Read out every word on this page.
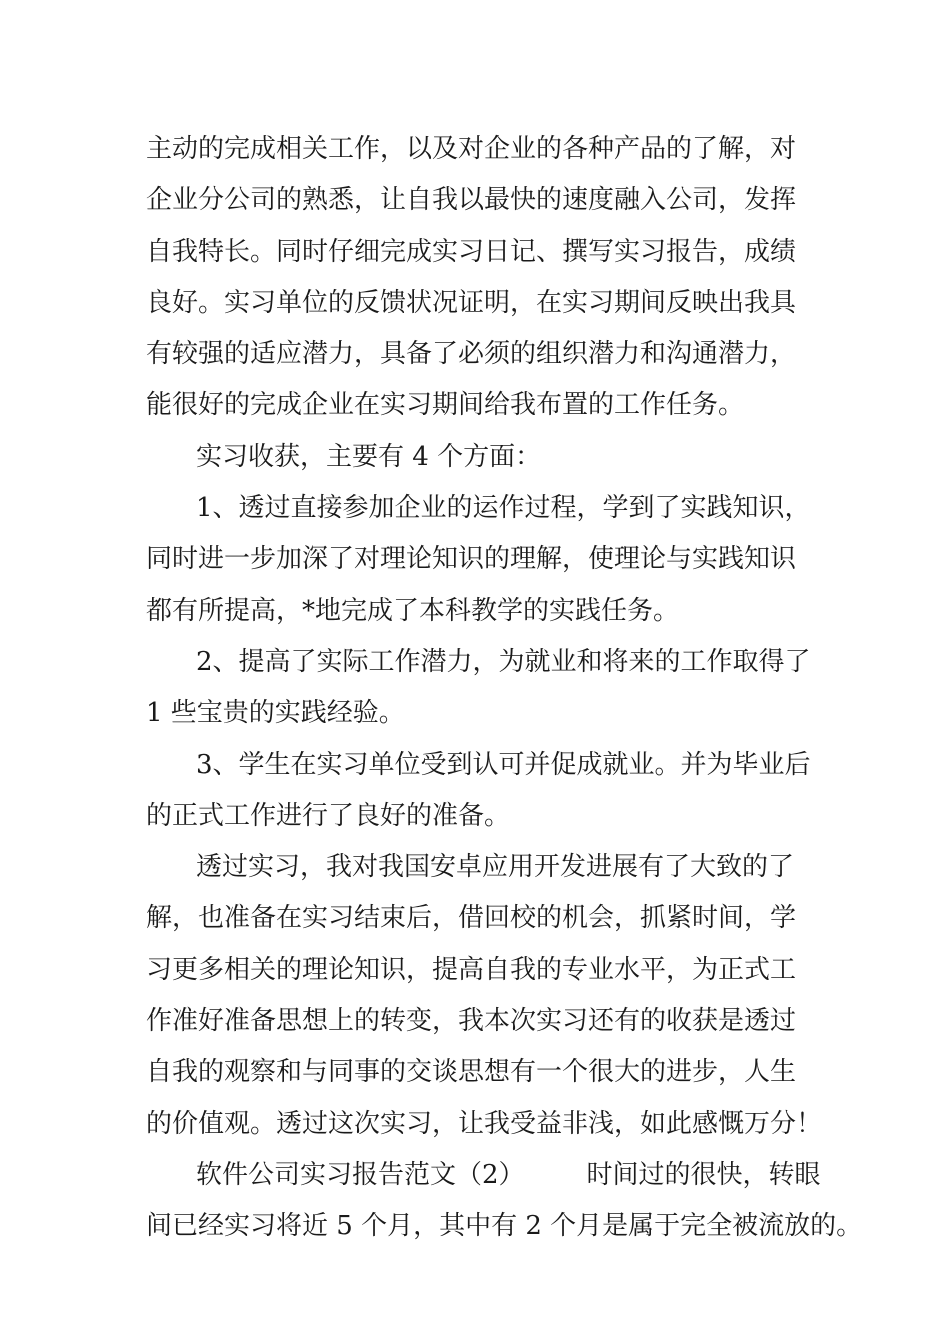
主动的完成相关工作，以及对企业的各种产品的了解，对
企业分公司的熟悉，让自我以最快的速度融入公司，发挥
自我特长。同时仔细完成实习日记、撰写实习报告，成绩
良好。实习单位的反馈状况证明，在实习期间反映出我具
有较强的适应潜力，具备了必须的组织潜力和沟通潜力，
能很好的完成企业在实习期间给我布置的工作任务。
实习收获，主要有 4 个方面：
1、透过直接参加企业的运作过程，学到了实践知识，
同时进一步加深了对理论知识的理解，使理论与实践知识
都有所提高，*地完成了本科教学的实践任务。
2、提高了实际工作潜力，为就业和将来的工作取得了
1 些宝贵的实践经验。
3、学生在实习单位受到认可并促成就业。并为毕业后
的正式工作进行了良好的准备。
透过实习，我对我国安卓应用开发进展有了大致的了
解，也准备在实习结束后，借回校的机会，抓紧时间，学
习更多相关的理论知识，提高自我的专业水平，为正式工
作准好准备思想上的转变，我本次实习还有的收获是透过
自我的观察和与同事的交谈思想有一个很大的进步，人生
的价值观。透过这次实习，让我受益非浅，如此感慨万分！
软件公司实习报告范文（2） 时间过的很快，转眼
间已经实习将近 5 个月，其中有 2 个月是属于完全被流放的。
